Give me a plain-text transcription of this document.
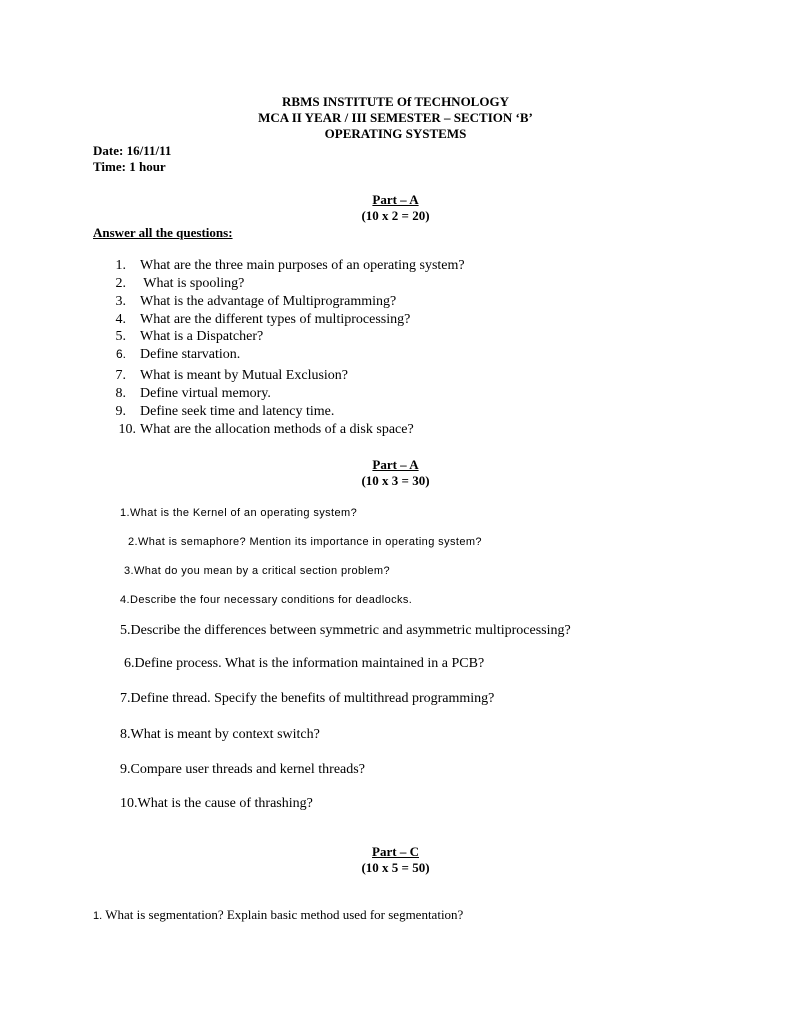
RBMS INSTITUTE Of TECHNOLOGY
MCA II YEAR / III SEMESTER – SECTION ‘B’
OPERATING SYSTEMS
Date: 16/11/11
Time: 1 hour
Part – A
(10 x 2 = 20)
Answer all the questions:
1. What are the three main purposes of an operating system?
2. What is spooling?
3. What is the advantage of Multiprogramming?
4. What are the different types of multiprocessing?
5. What is a Dispatcher?
6. Define starvation.
7. What is meant by Mutual Exclusion?
8. Define virtual memory.
9. Define seek time and latency time.
10. What are the allocation methods of a disk space?
Part – A
(10 x 3 = 30)
1.What is the Kernel of an operating system?
2.What is semaphore? Mention its importance in operating system?
3.What do you mean by a critical section problem?
4.Describe the four necessary conditions for deadlocks.
5.Describe the differences between symmetric and asymmetric multiprocessing?
6.Define process. What is the information maintained in a PCB?
7.Define thread. Specify the benefits of multithread programming?
8.What is meant by context switch?
9.Compare user threads and kernel threads?
10.What is the cause of thrashing?
Part – C
(10 x 5 = 50)
1. What is segmentation? Explain basic method used for segmentation?
